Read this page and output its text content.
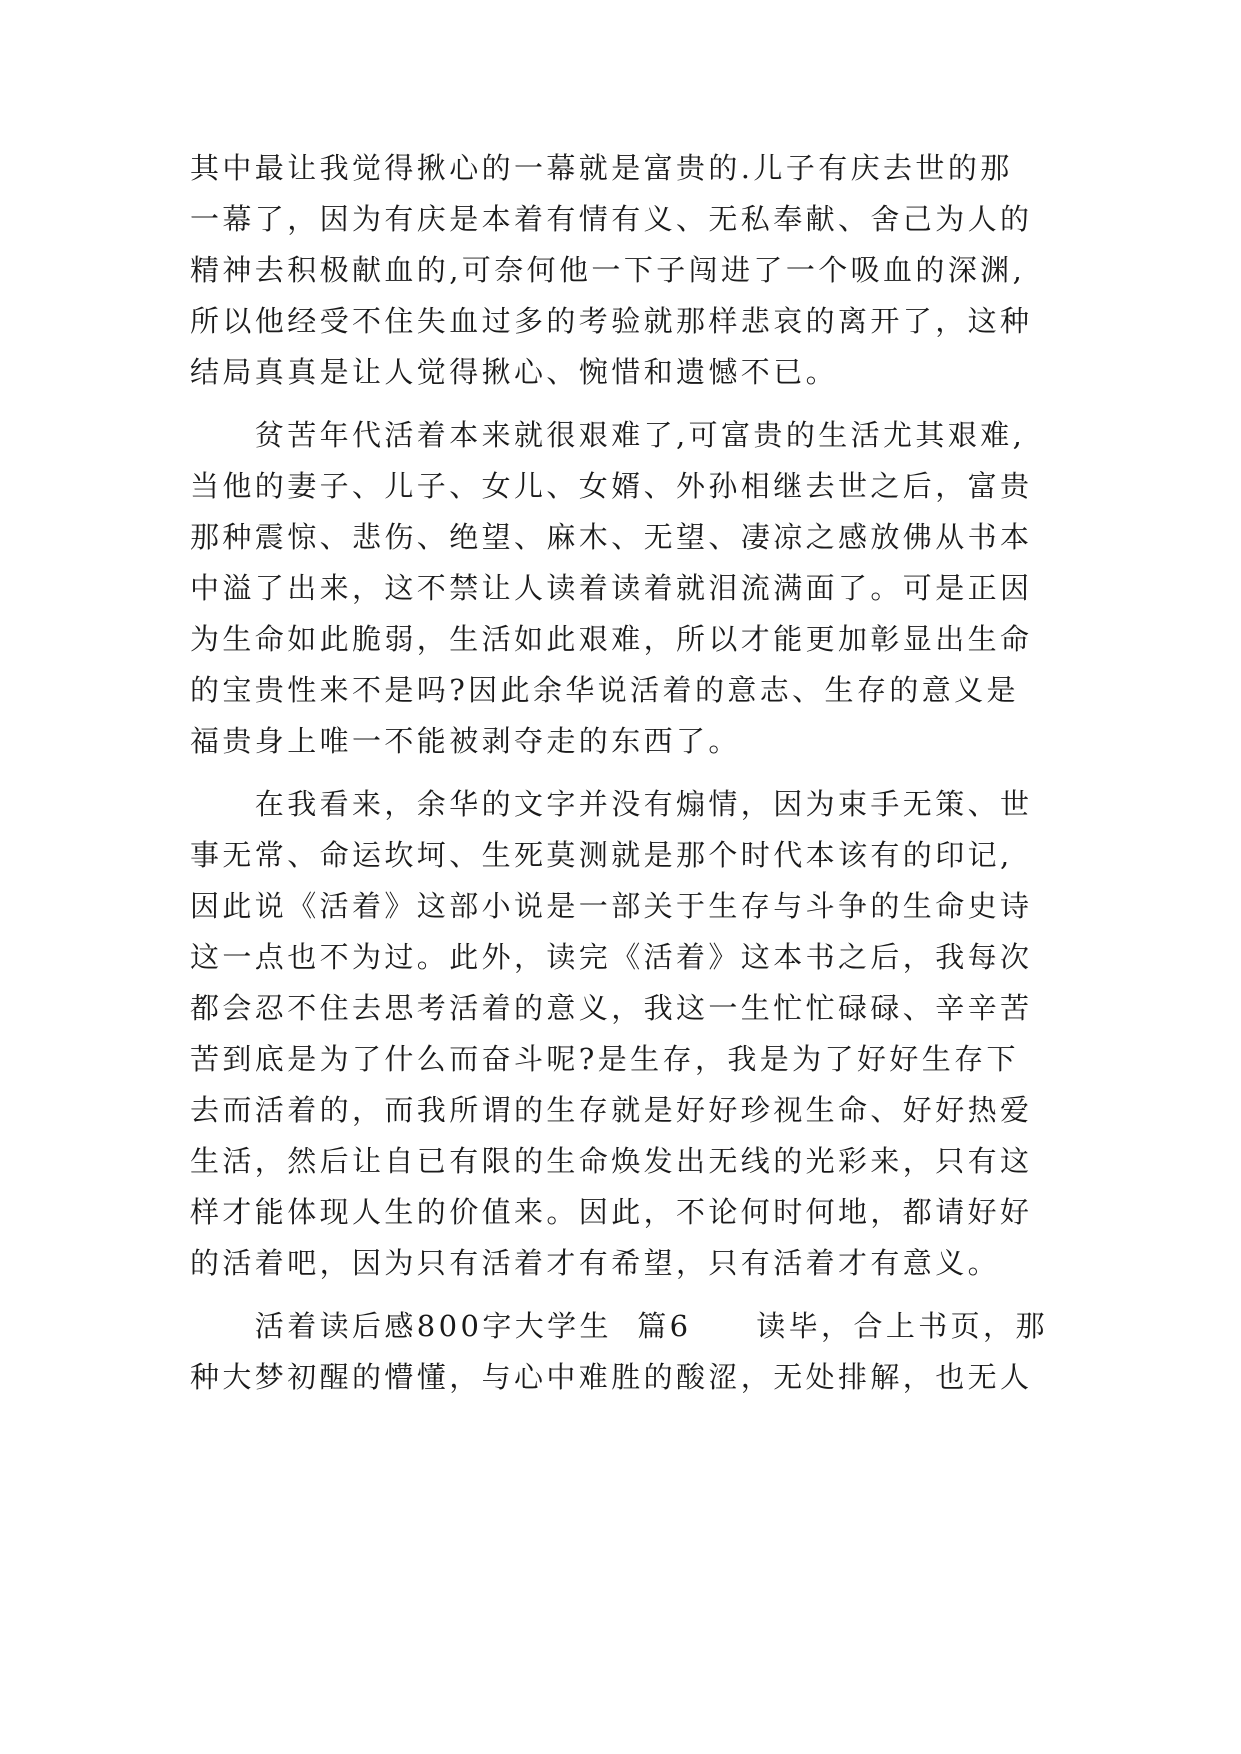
其中最让我觉得揪心的一幕就是富贵的.儿子有庆去世的那

一幕了，因为有庆是本着有情有义、无私奉献、舍己为人的

精神去积极献血的,可奈何他一下子闯进了一个吸血的深渊,

所以他经受不住失血过多的考验就那样悲哀的离开了，这种

结局真真是让人觉得揪心、惋惜和遗憾不已。

　　贫苦年代活着本来就很艰难了,可富贵的生活尤其艰难,

当他的妻子、儿子、女儿、女婿、外孙相继去世之后，富贵

那种震惊、悲伤、绝望、麻木、无望、凄凉之感放佛从书本

中溢了出来，这不禁让人读着读着就泪流满面了。可是正因

为生命如此脆弱，生活如此艰难，所以才能更加彰显出生命

的宝贵性来不是吗?因此余华说活着的意志、生存的意义是

福贵身上唯一不能被剥夺走的东西了。

　　在我看来，余华的文字并没有煽情，因为束手无策、世

事无常、命运坎坷、生死莫测就是那个时代本该有的印记,

因此说《活着》这部小说是一部关于生存与斗争的生命史诗

这一点也不为过。此外，读完《活着》这本书之后，我每次

都会忍不住去思考活着的意义，我这一生忙忙碌碌、辛辛苦

苦到底是为了什么而奋斗呢?是生存，我是为了好好生存下

去而活着的，而我所谓的生存就是好好珍视生命、好好热爱

生活，然后让自已有限的生命焕发出无线的光彩来，只有这

样才能体现人生的价值来。因此，不论何时何地，都请好好

的活着吧，因为只有活着才有希望，只有活着才有意义。

　　活着读后感800字大学生  篇6　　读毕，合上书页，那

种大梦初醒的懵懂，与心中难胜的酸涩，无处排解，也无人
